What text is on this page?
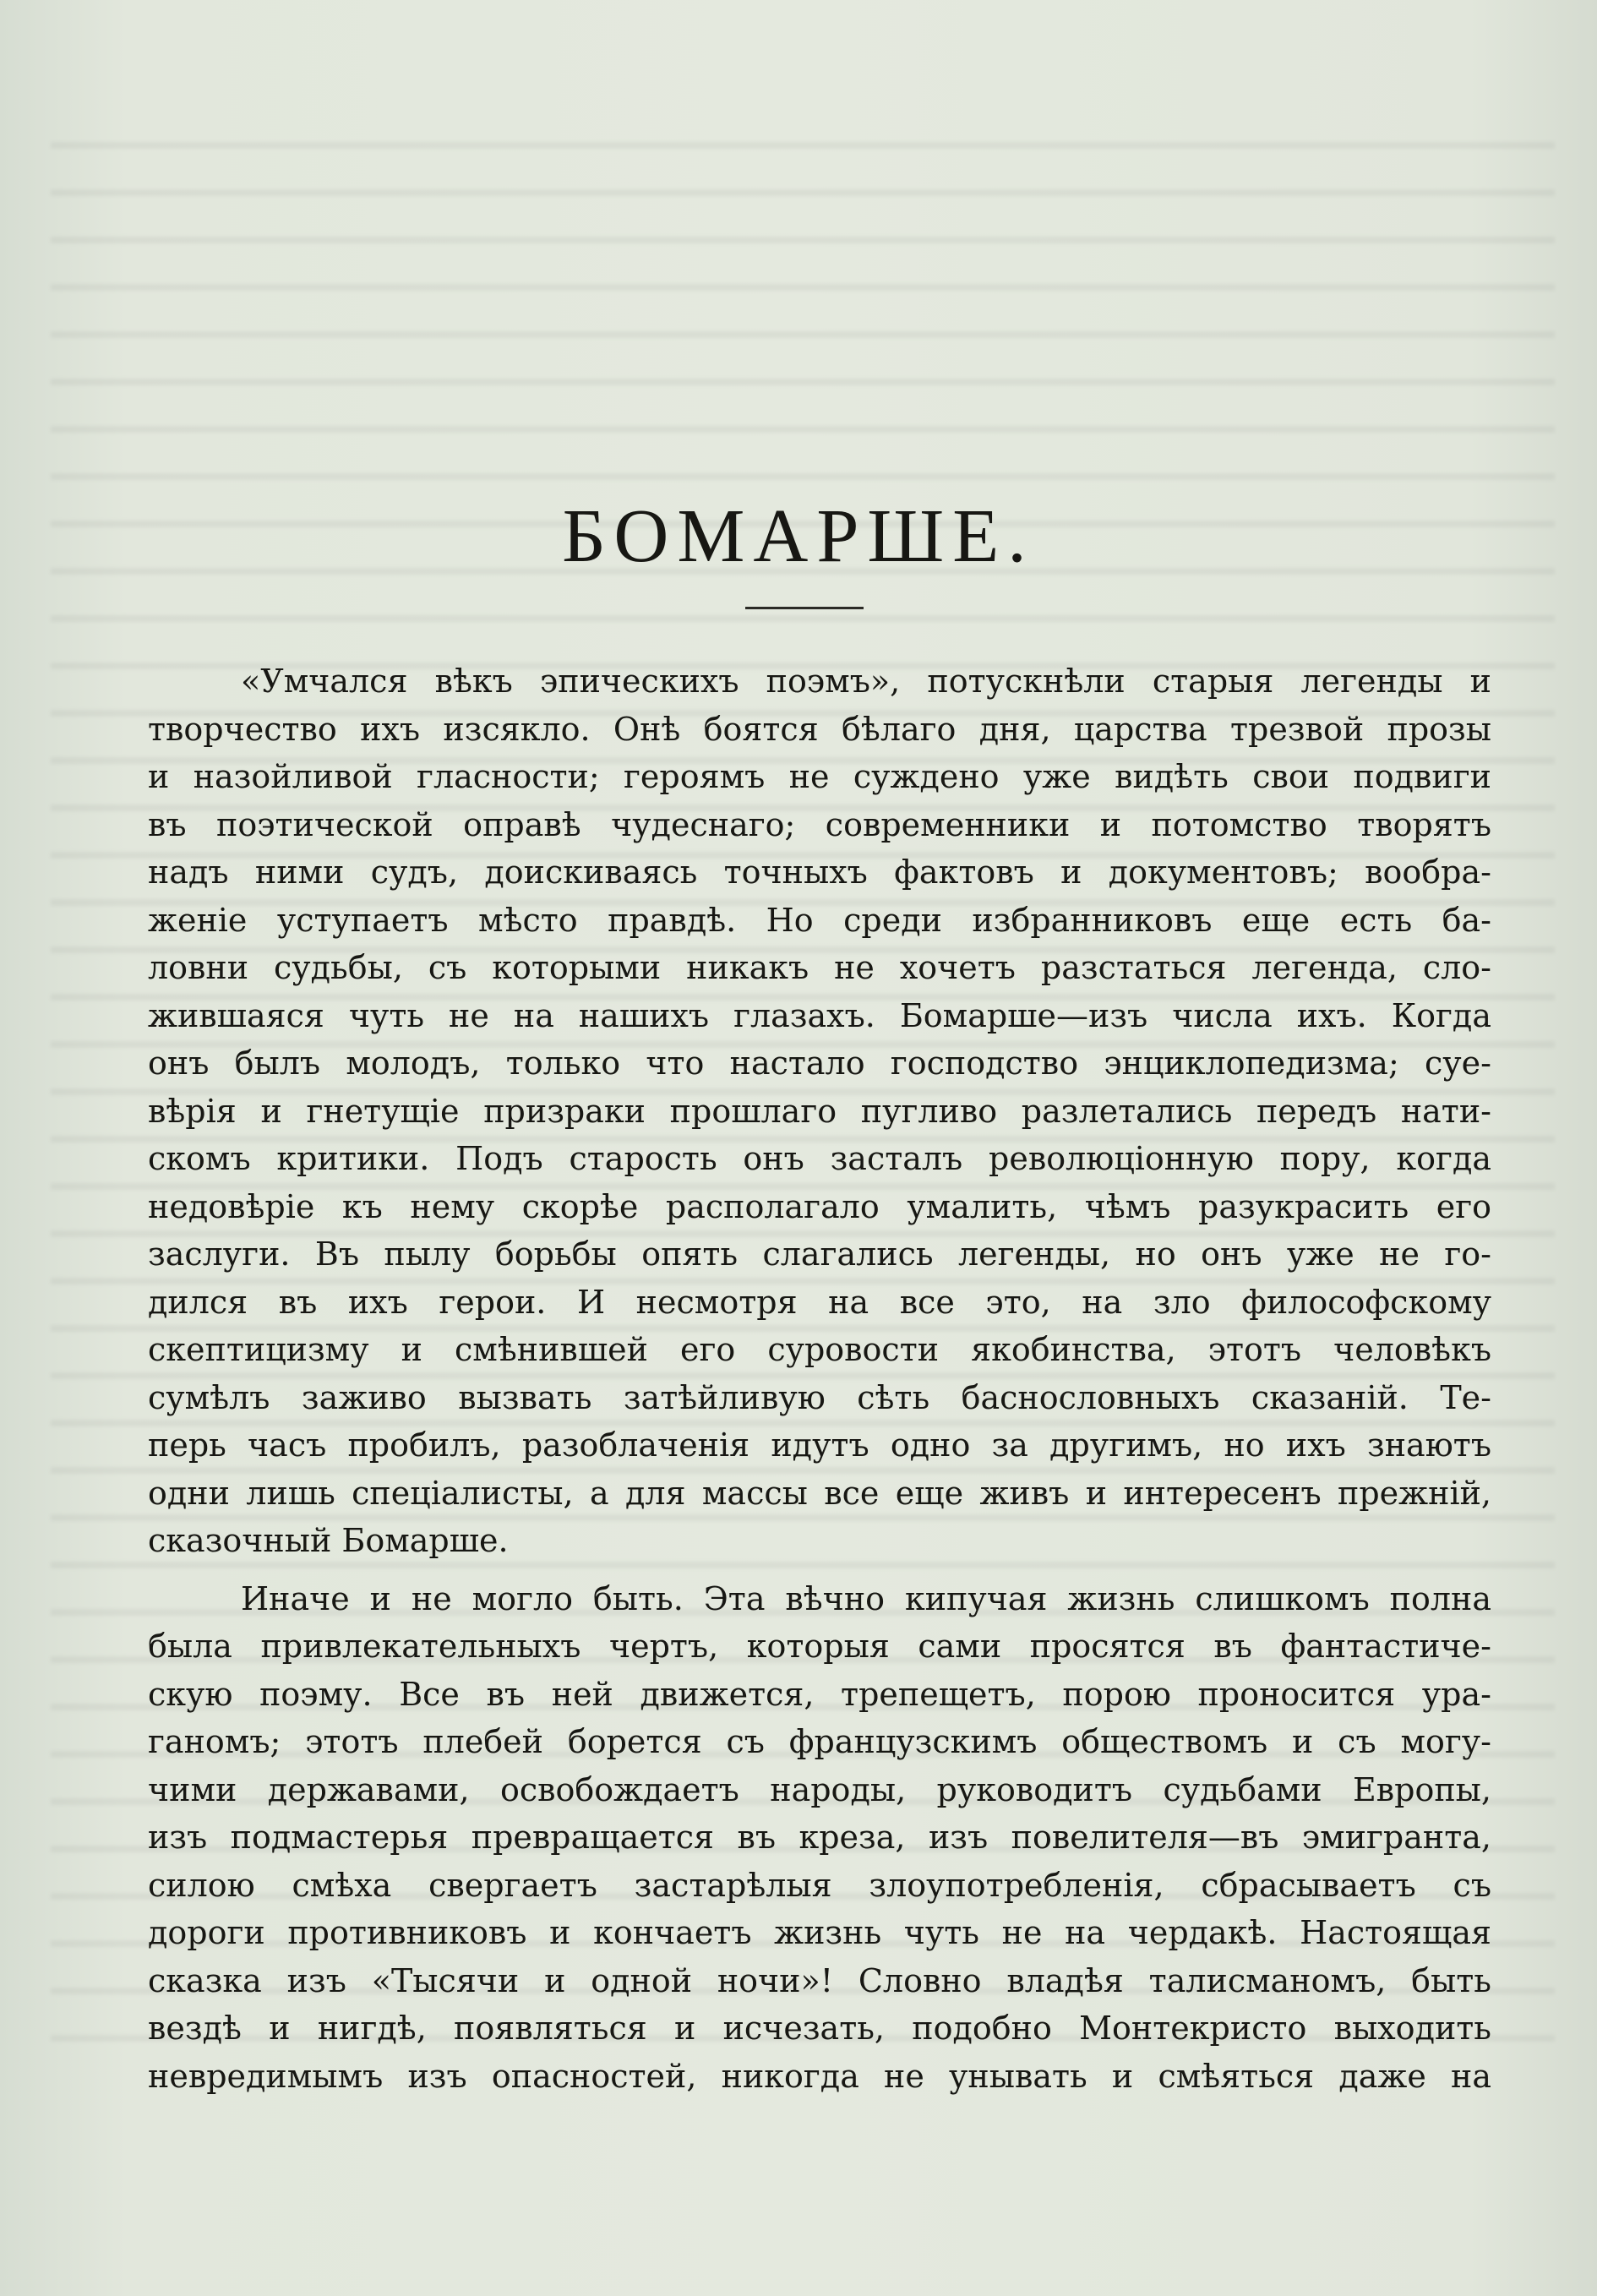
БОМАРШЕ.
«Умчался вѣкъ эпическихъ поэмъ», потускнѣли старыя легенды и
творчество ихъ изсякло. Онѣ боятся бѣлаго дня, царства трезвой прозы
и назойливой гласности; героямъ не суждено уже видѣть свои подвиги
въ поэтической оправѣ чудеснаго; современники и потомство творятъ
надъ ними судъ, доискиваясь точныхъ фактовъ и документовъ; вообра-
женіе уступаетъ мѣсто правдѣ. Но среди избранниковъ еще есть ба-
ловни судьбы, съ которыми никакъ не хочетъ разстаться легенда, сло-
жившаяся чуть не на нашихъ глазахъ. Бомарше—изъ числа ихъ. Когда
онъ былъ молодъ, только что настало господство энциклопедизма; суе-
вѣрія и гнетущіе призраки прошлаго пугливо разлетались передъ нати-
скомъ критики. Подъ старость онъ засталъ революціонную пору, когда
недовѣріе къ нему скорѣе располагало умалить, чѣмъ разукрасить его
заслуги. Въ пылу борьбы опять слагались легенды, но онъ уже не го-
дился въ ихъ герои. И несмотря на все это, на зло философскому
скептицизму и смѣнившей его суровости якобинства, этотъ человѣкъ
сумѣлъ заживо вызвать затѣйливую сѣть баснословныхъ сказаній. Те-
перь часъ пробилъ, разоблаченія идутъ одно за другимъ, но ихъ знаютъ
одни лишь спеціалисты, а для массы все еще живъ и интересенъ прежній,
сказочный Бомарше.
Иначе и не могло быть. Эта вѣчно кипучая жизнь слишкомъ полна
была привлекательныхъ чертъ, которыя сами просятся въ фантастиче-
скую поэму. Все въ ней движется, трепещетъ, порою проносится ура-
ганомъ; этотъ плебей борется съ французскимъ обществомъ и съ могу-
чими державами, освобождаетъ народы, руководитъ судьбами Европы,
изъ подмастерья превращается въ креза, изъ повелителя—въ эмигранта,
силою смѣха свергаетъ застарѣлыя злоупотребленія, сбрасываетъ съ
дороги противниковъ и кончаетъ жизнь чуть не на чердакѣ. Настоящая
сказка изъ «Тысячи и одной ночи»! Словно владѣя талисманомъ, быть
вездѣ и нигдѣ, появляться и исчезать, подобно Монтекристо выходить
невредимымъ изъ опасностей, никогда не унывать и смѣяться даже на
